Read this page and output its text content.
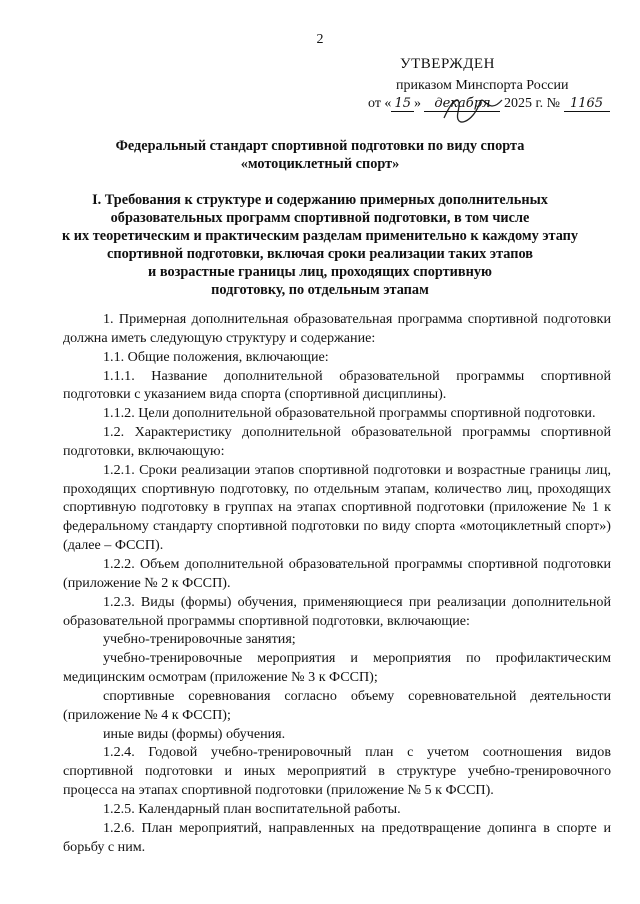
2
УТВЕРЖДЕН
приказом Минспорта России
от « 15 » декабря 2025 г. № 1165
Федеральный стандарт спортивной подготовки по виду спорта
«мотоциклетный спорт»
I. Требования к структуре и содержанию примерных дополнительных
образовательных программ спортивной подготовки, в том числе
к их теоретическим и практическим разделам применительно к каждому этапу
спортивной подготовки, включая сроки реализации таких этапов
и возрастные границы лиц, проходящих спортивную
подготовку, по отдельным этапам

1. Примерная дополнительная образовательная программа спортивной подготовки должна иметь следующую структуру и содержание:

1.1. Общие положения, включающие:

1.1.1. Название дополнительной образовательной программы спортивной подготовки с указанием вида спорта (спортивной дисциплины).

1.1.2. Цели дополнительной образовательной программы спортивной подготовки.

1.2. Характеристику дополнительной образовательной программы спортивной подготовки, включающую:

1.2.1. Сроки реализации этапов спортивной подготовки и возрастные границы лиц, проходящих спортивную подготовку, по отдельным этапам, количество лиц, проходящих спортивную подготовку в группах на этапах спортивной подготовки (приложение № 1 к федеральному стандарту спортивной подготовки по виду спорта «мотоциклетный спорт») (далее – ФССП).

1.2.2. Объем дополнительной образовательной программы спортивной подготовки (приложение № 2 к ФССП).

1.2.3. Виды (формы) обучения, применяющиеся при реализации дополнительной образовательной программы спортивной подготовки, включающие:

учебно-тренировочные занятия;

учебно-тренировочные мероприятия и мероприятия по профилактическим медицинским осмотрам (приложение № 3 к ФССП);

спортивные соревнования согласно объему соревновательной деятельности (приложение № 4 к ФССП);

иные виды (формы) обучения.

1.2.4. Годовой учебно-тренировочный план с учетом соотношения видов спортивной подготовки и иных мероприятий в структуре учебно-тренировочного процесса на этапах спортивной подготовки (приложение № 5 к ФССП).

1.2.5. Календарный план воспитательной работы.

1.2.6. План мероприятий, направленных на предотвращение допинга в спорте и борьбу с ним.
